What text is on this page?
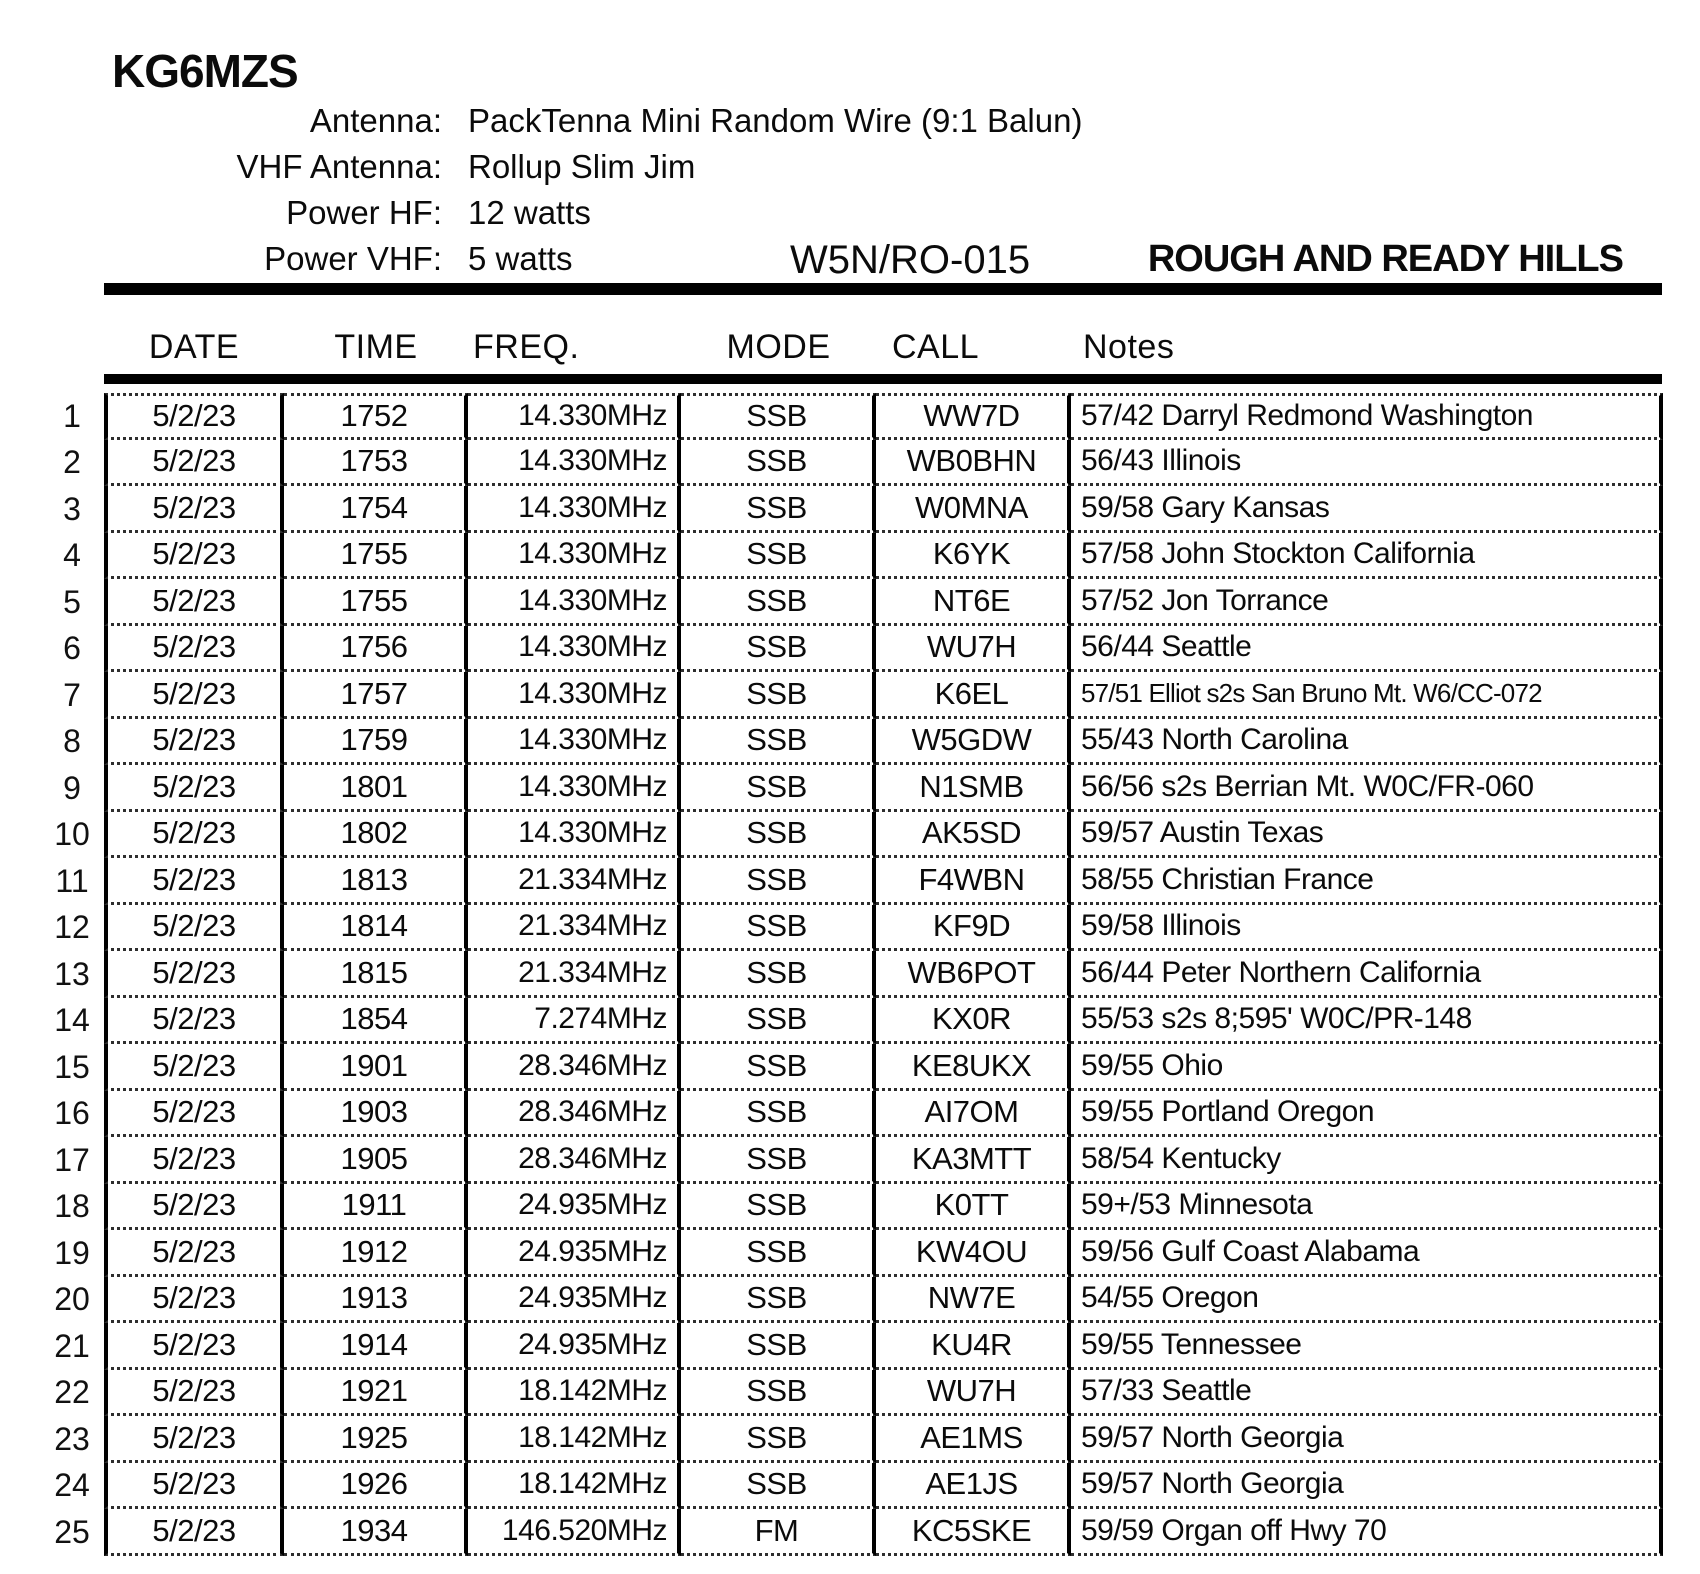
KG6MZS
Antenna: PackTenna Mini Random Wire (9:1 Balun)
VHF Antenna: Rollup Slim Jim
Power HF: 12 watts
Power VHF: 5 watts	W5N/RO-015	ROUGH AND READY HILLS
DATE	TIME	FREQ.	MODE	CALL	Notes
1	5/2/23	1752	14.330MHz	SSB	WW7D	57/42 Darryl Redmond Washington
2	5/2/23	1753	14.330MHz	SSB	WB0BHN	56/43 Illinois
3	5/2/23	1754	14.330MHz	SSB	W0MNA	59/58 Gary Kansas
4	5/2/23	1755	14.330MHz	SSB	K6YK	57/58 John Stockton California
5	5/2/23	1755	14.330MHz	SSB	NT6E	57/52 Jon Torrance
6	5/2/23	1756	14.330MHz	SSB	WU7H	56/44 Seattle
7	5/2/23	1757	14.330MHz	SSB	K6EL	57/51 Elliot s2s San Bruno Mt. W6/CC-072
8	5/2/23	1759	14.330MHz	SSB	W5GDW	55/43 North Carolina
9	5/2/23	1801	14.330MHz	SSB	N1SMB	56/56 s2s Berrian Mt. W0C/FR-060
10	5/2/23	1802	14.330MHz	SSB	AK5SD	59/57 Austin Texas
11	5/2/23	1813	21.334MHz	SSB	F4WBN	58/55 Christian France
12	5/2/23	1814	21.334MHz	SSB	KF9D	59/58 Illinois
13	5/2/23	1815	21.334MHz	SSB	WB6POT	56/44 Peter Northern California
14	5/2/23	1854	7.274MHz	SSB	KX0R	55/53 s2s 8;595' W0C/PR-148
15	5/2/23	1901	28.346MHz	SSB	KE8UKX	59/55 Ohio
16	5/2/23	1903	28.346MHz	SSB	AI7OM	59/55 Portland Oregon
17	5/2/23	1905	28.346MHz	SSB	KA3MTT	58/54 Kentucky
18	5/2/23	1911	24.935MHz	SSB	K0TT	59+/53 Minnesota
19	5/2/23	1912	24.935MHz	SSB	KW4OU	59/56 Gulf Coast Alabama
20	5/2/23	1913	24.935MHz	SSB	NW7E	54/55 Oregon
21	5/2/23	1914	24.935MHz	SSB	KU4R	59/55 Tennessee
22	5/2/23	1921	18.142MHz	SSB	WU7H	57/33 Seattle
23	5/2/23	1925	18.142MHz	SSB	AE1MS	59/57 North Georgia
24	5/2/23	1926	18.142MHz	SSB	AE1JS	59/57 North Georgia
25	5/2/23	1934	146.520MHz	FM	KC5SKE	59/59 Organ off Hwy 70
